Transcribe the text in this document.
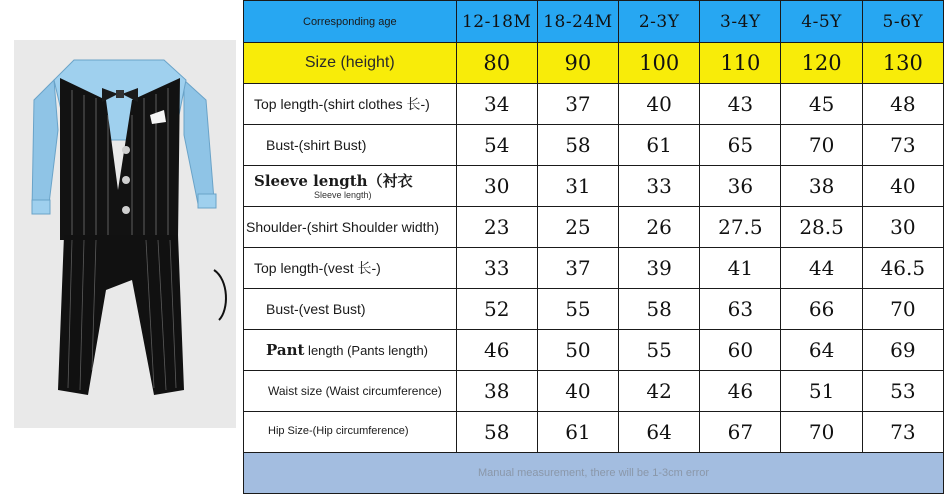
Corresponding age	12-18M	18-24M	2-3Y	3-4Y	4-5Y	5-6Y
Size (height)	80	90	100	110	120	130
Top length-(shirt clothes 长-)	34	37	40	43	45	48
Bust-(shirt Bust)	54	58	61	65	70	73
Sleeve length（衬衣
Sleeve length)	30	31	33	36	38	40
Shoulder-(shirt Shoulder width)	23	25	26	27.5	28.5	30
Top length-(vest 长-)	33	37	39	41	44	46.5
Bust-(vest Bust)	52	55	58	63	66	70
Pant length (Pants length)	46	50	55	60	64	69
Waist size (Waist circumference)	38	40	42	46	51	53
Hip Size-(Hip circumference)	58	61	64	67	70	73
Manual measurement, there will be 1-3cm error						
